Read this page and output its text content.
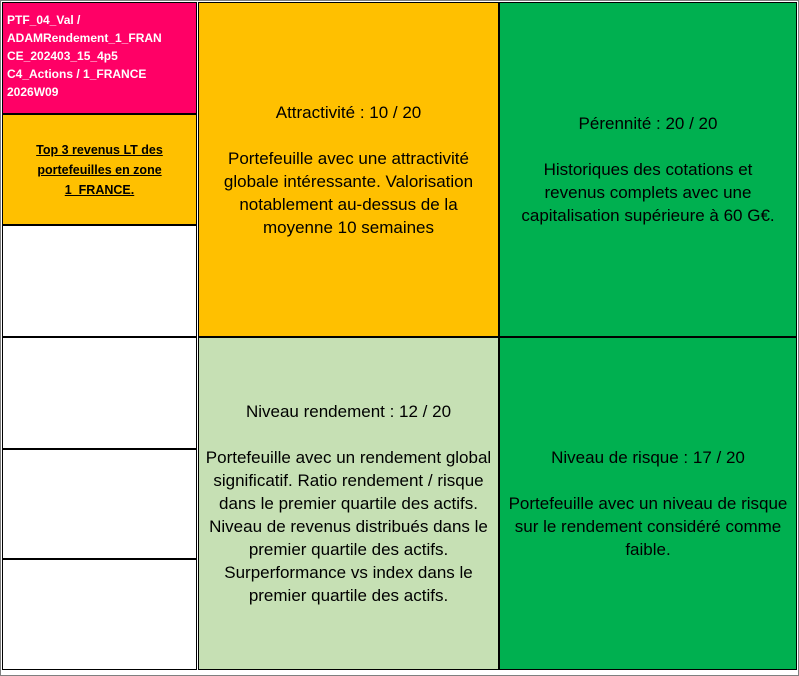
PTF_04_Val /
ADAMRendement_1_FRAN
CE_202403_15_4p5
C4_Actions / 1_FRANCE
2026W09
Top 3 revenus LT des portefeuilles en zone 1_FRANCE.
Attractivité : 10 / 20
Portefeuille avec une attractivité globale intéressante. Valorisation notablement au-dessus de la moyenne 10 semaines
Pérennité : 20 / 20
Historiques des cotations et revenus complets avec une capitalisation supérieure à 60 G€.
Niveau rendement : 12 / 20
Portefeuille avec un rendement global significatif. Ratio rendement / risque dans le premier quartile des actifs. Niveau de revenus distribués dans le premier quartile des actifs. Surperformance vs index dans le premier quartile des actifs.
Niveau de risque : 17 / 20
Portefeuille avec un niveau de risque sur le rendement considéré comme faible.
